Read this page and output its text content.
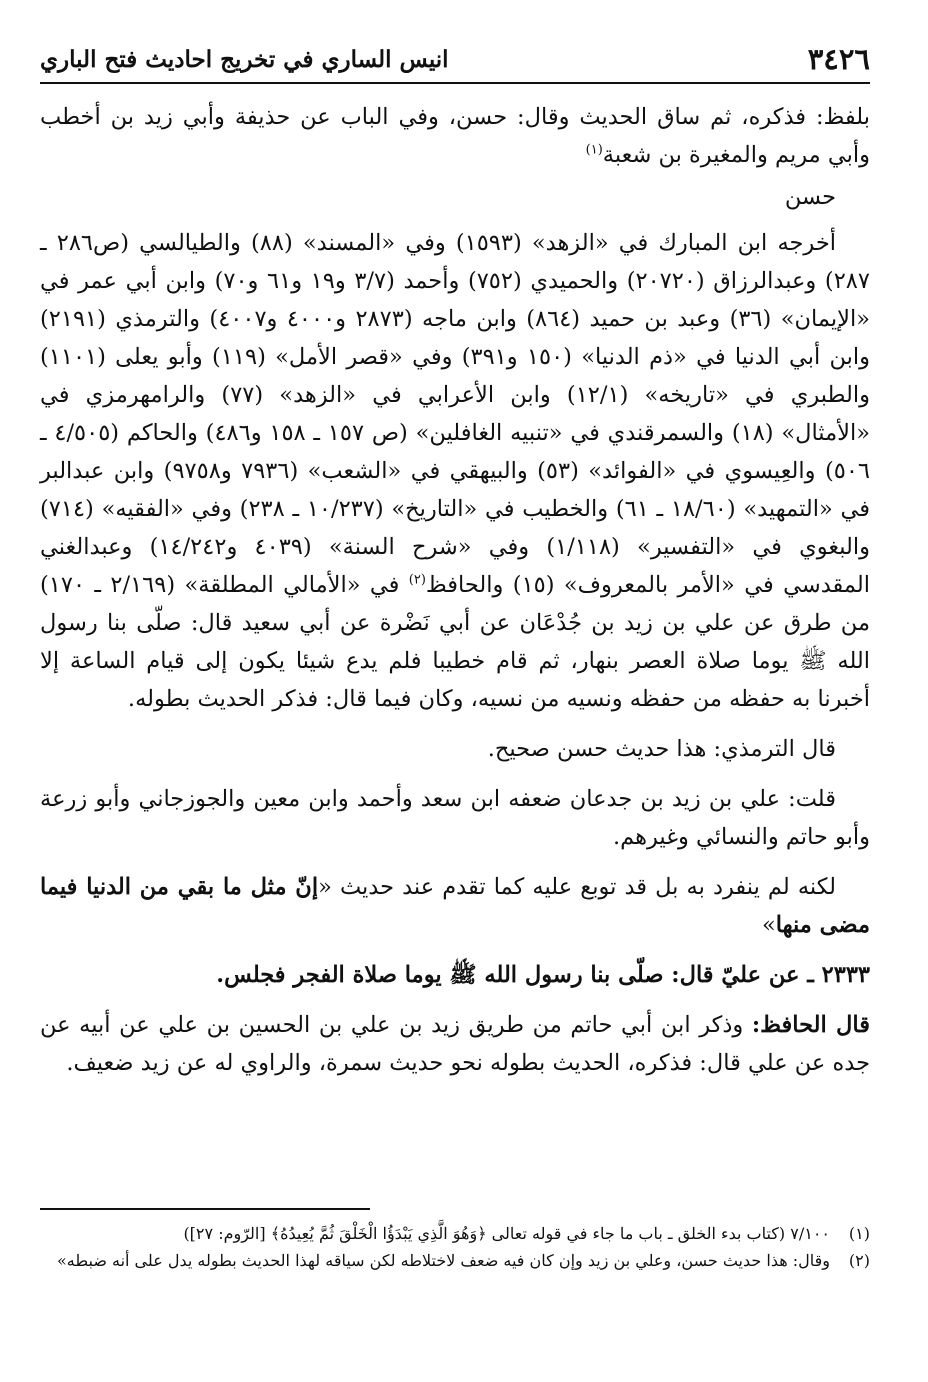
٣٤٢٦
انيس الساري في تخريج احاديث فتح الباري

بلفظ: فذكره، ثم ساق الحديث وقال: حسن، وفي الباب عن حذيفة وأبي زيد بن أخطب وأبي مريم والمغيرة بن شعبة$^{(١)}$

حسن

أخرجه ابن المبارك في «الزهد» (١٥٩٣) وفي «المسند» (٨٨) والطيالسي (ص٢٨٦ ـ ٢٨٧) وعبدالرزاق (٢٠٧٢٠) والحميدي (٧٥٢) وأحمد (٣/٧ و١٩ و٦١ و٧٠) وابن أبي عمر في «الإيمان» (٣٦) وعبد بن حميد (٨٦٤) وابن ماجه (٢٨٧٣ و٤٠٠٠ و٤٠٠٧) والترمذي (٢١٩١) وابن أبي الدنيا في «ذم الدنيا» (١٥٠ و٣٩١) وفي «قصر الأمل» (١١٩) وأبو يعلى (١١٠١) والطبري في «تاريخه» (١٢/١) وابن الأعرابي في «الزهد» (٧٧) والرامهرمزي في «الأمثال» (١٨) والسمرقندي في «تنبيه الغافلين» (ص ١٥٧ ـ ١٥٨ و٤٨٦) والحاكم (٤/٥٠٥ ـ ٥٠٦) والعِيسوي في «الفوائد» (٥٣) والبيهقي في «الشعب» (٧٩٣٦ و٩٧٥٨) وابن عبدالبر في «التمهيد» (١٨/٦٠ ـ ٦١) والخطيب في «التاريخ» (١٠/٢٣٧ ـ ٢٣٨) وفي «الفقيه» (٧١٤) والبغوي في «التفسير» (١/١١٨) وفي «شرح السنة» (٤٠٣٩ و١٤/٢٤٢) وعبدالغني المقدسي في «الأمر بالمعروف» (١٥) والحافظ$^{(٢)}$ في «الأمالي المطلقة» (٢/١٦٩ ـ ١٧٠) من طرق عن علي بن زيد بن جُدْعَان عن أبي نَضْرة عن أبي سعيد قال: صلّى بنا رسول الله ﷺ يوما صلاة العصر بنهار، ثم قام خطيبا فلم يدع شيئا يكون إلى قيام الساعة إلا أخبرنا به حفظه من حفظه ونسيه من نسيه، وكان فيما قال: فذكر الحديث بطوله.

قال الترمذي: هذا حديث حسن صحيح.

قلت: علي بن زيد بن جدعان ضعفه ابن سعد وأحمد وابن معين والجوزجاني وأبو زرعة وأبو حاتم والنسائي وغيرهم.

لكنه لم ينفرد به بل قد توبع عليه كما تقدم عند حديث «إنّ مثل ما بقي من الدنيا فيما مضى منها»

٢٣٣٣ ـ عن عليّ قال: صلّى بنا رسول الله ﷺ يوما صلاة الفجر فجلس.

قال الحافظ: وذكر ابن أبي حاتم من طريق زيد بن علي بن الحسين بن علي عن أبيه عن جده عن علي قال: فذكره، الحديث بطوله نحو حديث سمرة، والراوي له عن زيد ضعيف.

(١)
٧/١٠٠ (كتاب بدء الخلق ـ باب ما جاء في قوله تعالى ﴿وَهُوَ الَّذِي يَبْدَؤُا الْخَلْقَ ثُمَّ يُعِيدُهُ﴾ [الرّوم: ٢٧])
(٢)
وقال: هذا حديث حسن، وعلي بن زيد وإن كان فيه ضعف لاختلاطه لكن سياقه لهذا الحديث بطوله يدل على أنه ضبطه»
